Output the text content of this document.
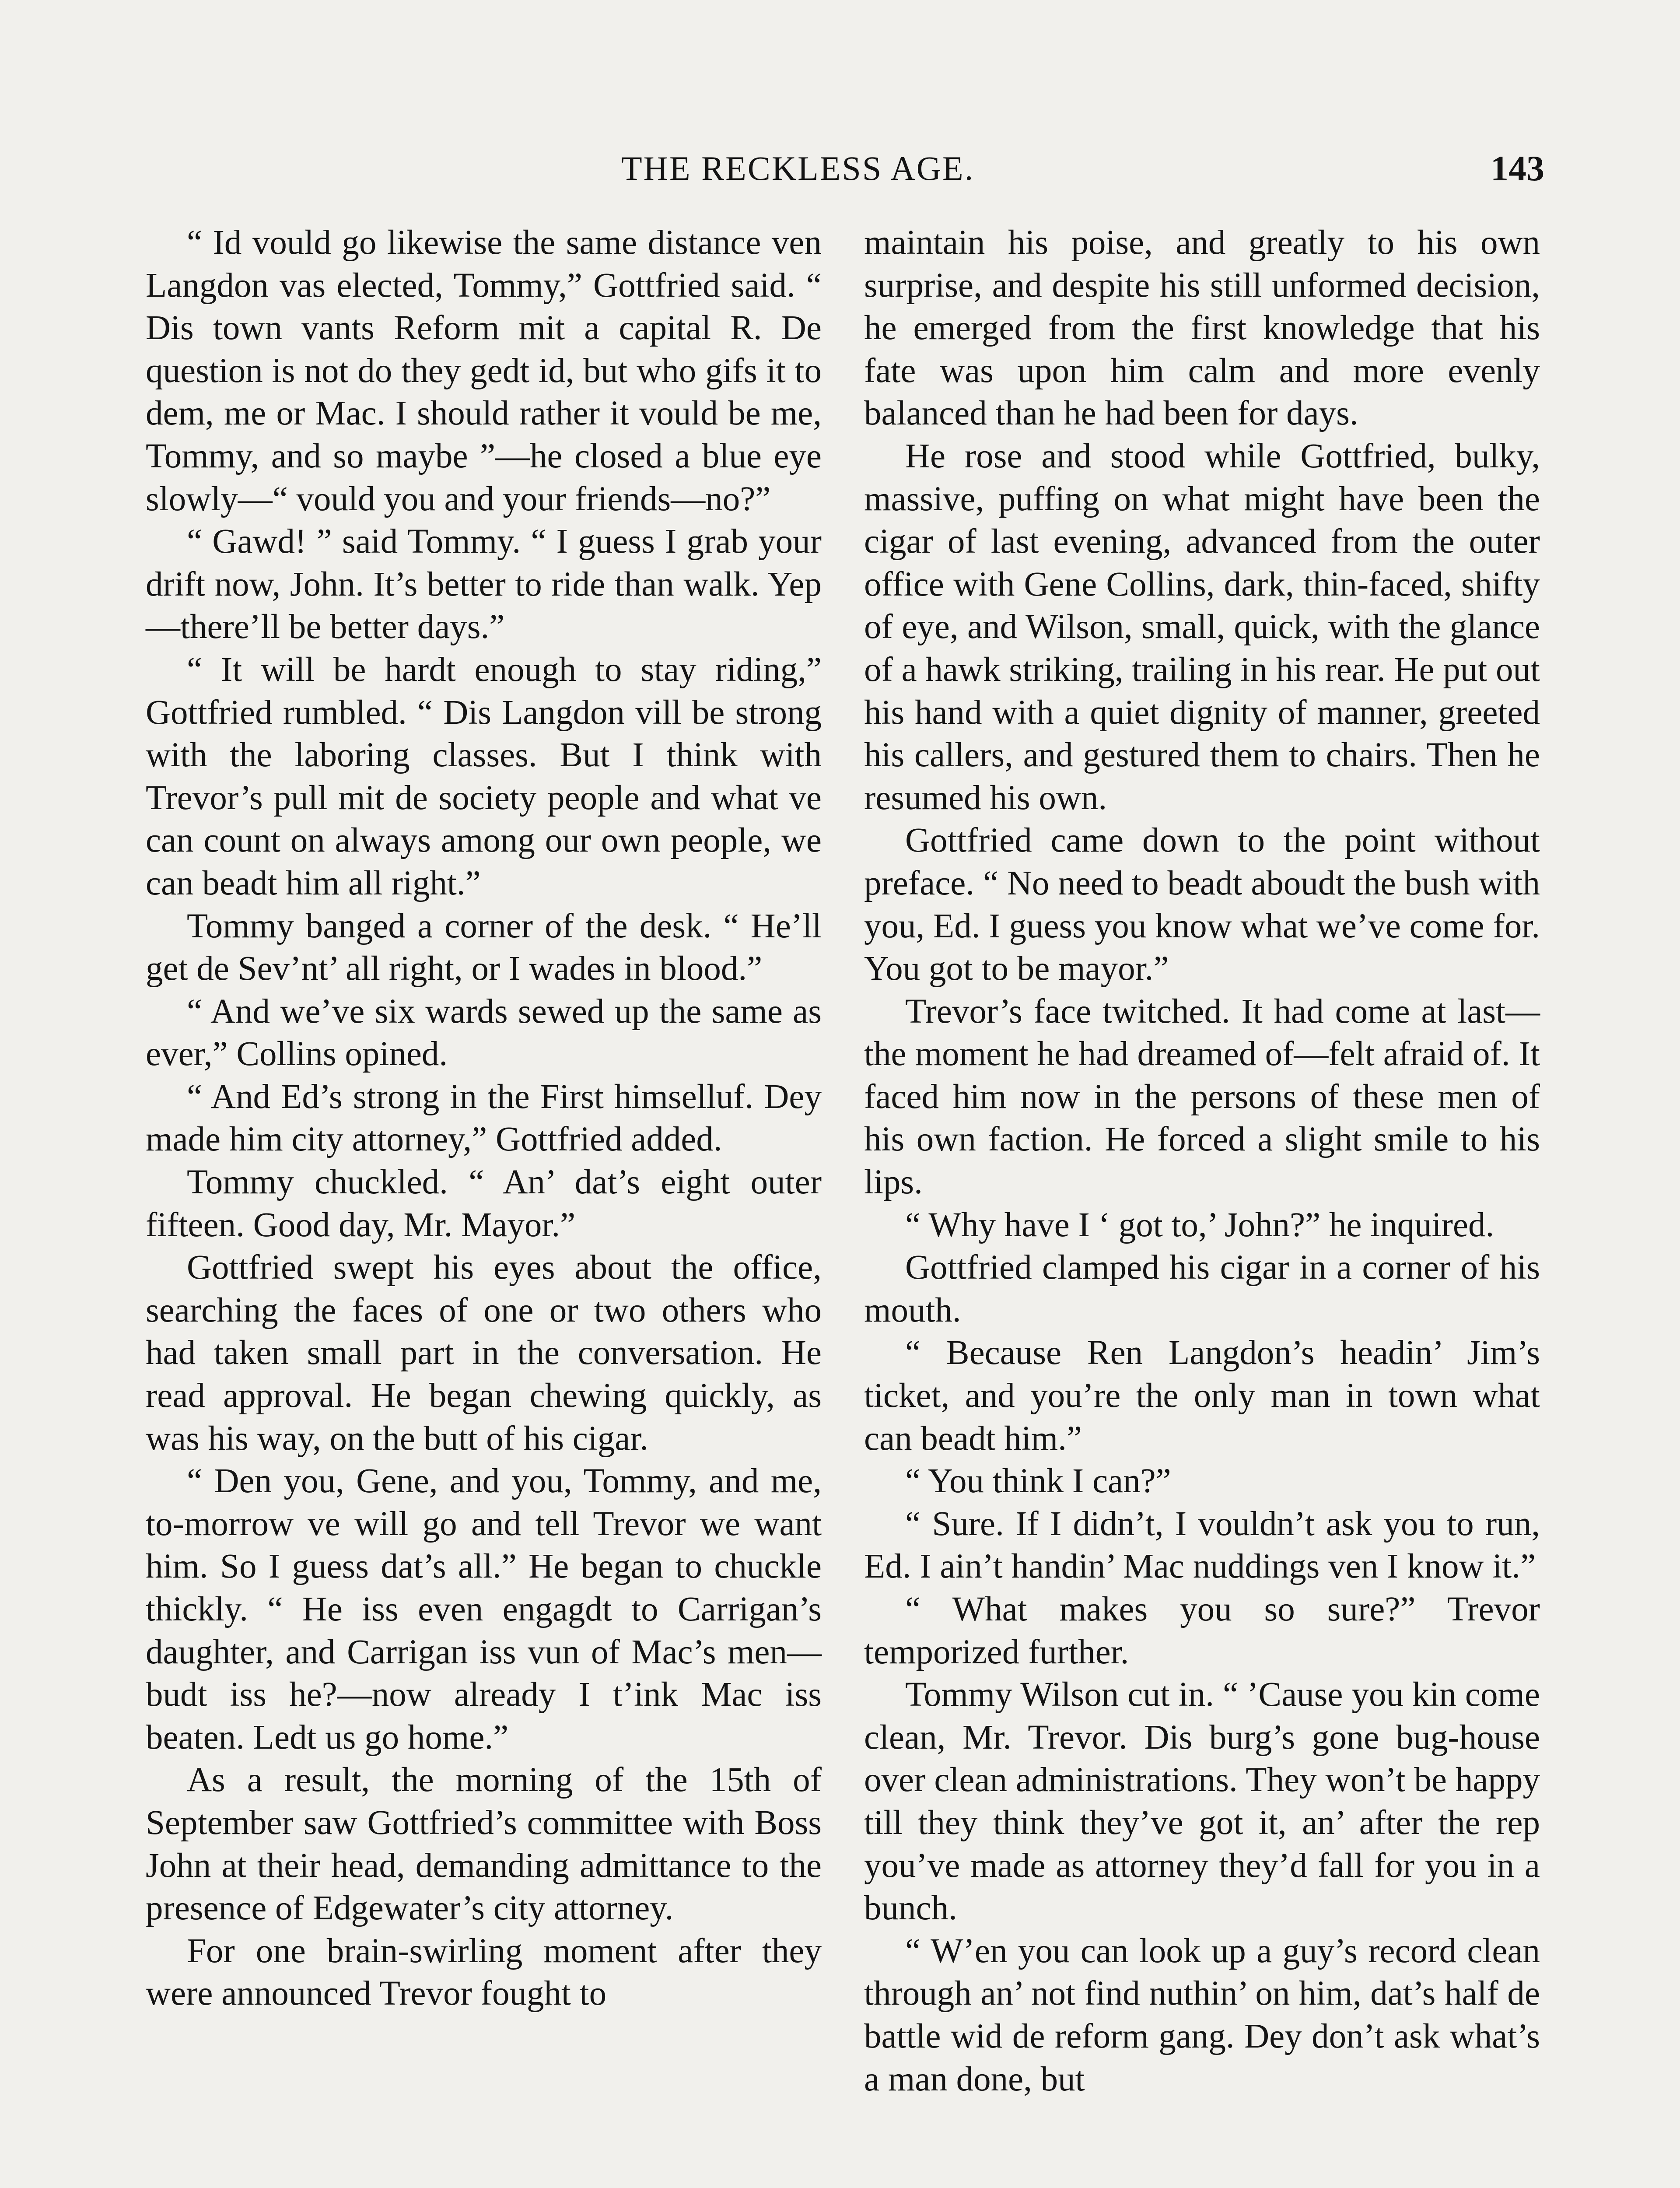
THE RECKLESS AGE.	143

“ Id vould go likewise the same distance ven Langdon vas elected, Tommy,” Gottfried said. “ Dis town vants Reform mit a capital R. De question is not do they gedt id, but who gifs it to dem, me or Mac. I should rather it vould be me, Tommy, and so maybe ”—he closed a blue eye slowly—“ vould you and your friends—no?”

“ Gawd! ” said Tommy. “ I guess I grab your drift now, John. It’s better to ride than walk. Yep—there’ll be better days.”

“ It will be hardt enough to stay riding,” Gottfried rumbled. “ Dis Langdon vill be strong with the laboring classes. But I think with Trevor’s pull mit de society people and what ve can count on always among our own people, we can beadt him all right.”

Tommy banged a corner of the desk. “ He’ll get de Sev’nt’ all right, or I wades in blood.”

“ And we’ve six wards sewed up the same as ever,” Collins opined.

“ And Ed’s strong in the First himselluf. Dey made him city attorney,” Gottfried added.

Tommy chuckled. “ An’ dat’s eight outer fifteen. Good day, Mr. Mayor.”

Gottfried swept his eyes about the office, searching the faces of one or two others who had taken small part in the conversation. He read approval. He began chewing quickly, as was his way, on the butt of his cigar.

“ Den you, Gene, and you, Tommy, and me, to-morrow ve will go and tell Trevor we want him. So I guess dat’s all.” He began to chuckle thickly. “ He iss even engagdt to Carrigan’s daughter, and Carrigan iss vun of Mac’s men—budt iss he?—now already I t’ink Mac iss beaten. Ledt us go home.”

As a result, the morning of the 15th of September saw Gottfried’s committee with Boss John at their head, demanding admittance to the presence of Edgewater’s city attorney.

For one brain-swirling moment after they were announced Trevor fought to

maintain his poise, and greatly to his own surprise, and despite his still unformed decision, he emerged from the first knowledge that his fate was upon him calm and more evenly balanced than he had been for days.

He rose and stood while Gottfried, bulky, massive, puffing on what might have been the cigar of last evening, advanced from the outer office with Gene Collins, dark, thin-faced, shifty of eye, and Wilson, small, quick, with the glance of a hawk striking, trailing in his rear. He put out his hand with a quiet dignity of manner, greeted his callers, and gestured them to chairs. Then he resumed his own.

Gottfried came down to the point without preface. “ No need to beadt aboudt the bush with you, Ed. I guess you know what we’ve come for. You got to be mayor.”

Trevor’s face twitched. It had come at last—the moment he had dreamed of—felt afraid of. It faced him now in the persons of these men of his own faction. He forced a slight smile to his lips.

“ Why have I ‘ got to,’ John?” he inquired.

Gottfried clamped his cigar in a corner of his mouth.

“ Because Ren Langdon’s headin’ Jim’s ticket, and you’re the only man in town what can beadt him.”

“ You think I can?”

“ Sure. If I didn’t, I vouldn’t ask you to run, Ed. I ain’t handin’ Mac nuddings ven I know it.”

“ What makes you so sure?” Trevor temporized further.

Tommy Wilson cut in. “ ’Cause you kin come clean, Mr. Trevor. Dis burg’s gone bug-house over clean administrations. They won’t be happy till they think they’ve got it, an’ after the rep you’ve made as attorney they’d fall for you in a bunch.

“ W’en you can look up a guy’s record clean through an’ not find nuthin’ on him, dat’s half de battle wid de reform gang. Dey don’t ask what’s a man done, but
